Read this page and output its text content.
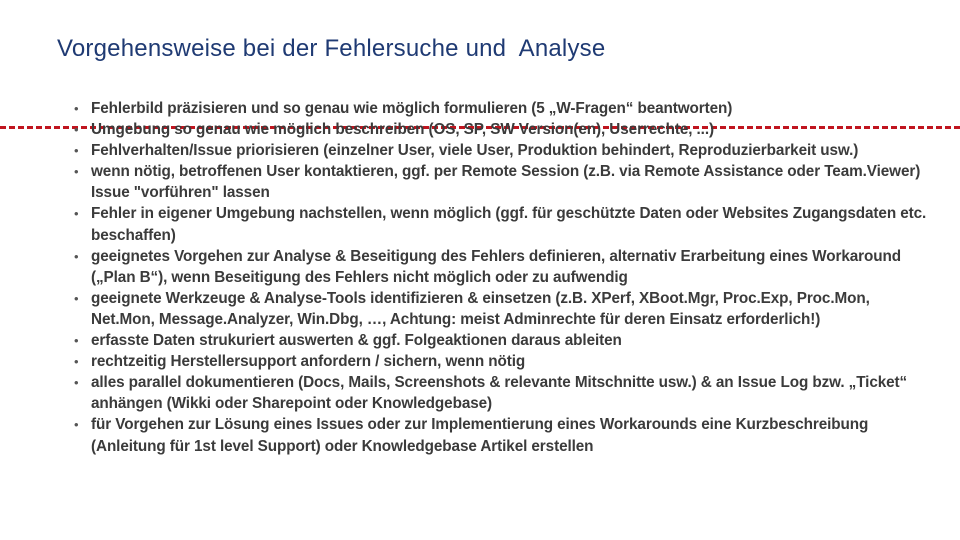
Vorgehensweise bei der Fehlersuche und  Analyse
• Fehlerbild präzisieren und so genau wie möglich formulieren (5 „W-Fragen“ beantworten)
• Umgebung so genau wie möglich beschreiben (OS, SP, SW Version(en), Userrechte, ...)
• Fehlverhalten/Issue priorisieren (einzelner User, viele User, Produktion behindert, Reproduzierbarkeit usw.)
• wenn nötig, betroffenen User kontaktieren, ggf. per Remote Session (z.B. via Remote Assistance oder Team.Viewer) Issue "vorführen" lassen
• Fehler in eigener Umgebung nachstellen, wenn möglich (ggf. für geschützte Daten oder Websites Zugangsdaten etc. beschaffen)
• geeignetes Vorgehen zur Analyse & Beseitigung des Fehlers definieren, alternativ Erarbeitung eines Workaround („Plan B“), wenn Beseitigung des Fehlers nicht möglich oder zu aufwendig
• geeignete Werkzeuge & Analyse-Tools identifizieren & einsetzen (z.B. XPerf, XBoot.Mgr, Proc.Exp, Proc.Mon, Net.Mon, Message.Analyzer, Win.Dbg, …, Achtung: meist Adminrechte für deren Einsatz erforderlich!)
• erfasste Daten strukuriert auswerten & ggf. Folgeaktionen daraus ableiten
• rechtzeitig Herstellersupport anfordern / sichern, wenn nötig
• alles parallel dokumentieren (Docs, Mails, Screenshots & relevante Mitschnitte usw.) & an Issue Log bzw. „Ticket“ anhängen (Wikki oder Sharepoint oder Knowledgebase)
• für Vorgehen zur Lösung eines Issues oder zur Implementierung eines Workarounds eine Kurzbeschreibung (Anleitung für 1st level Support) oder Knowledgebase Artikel erstellen
